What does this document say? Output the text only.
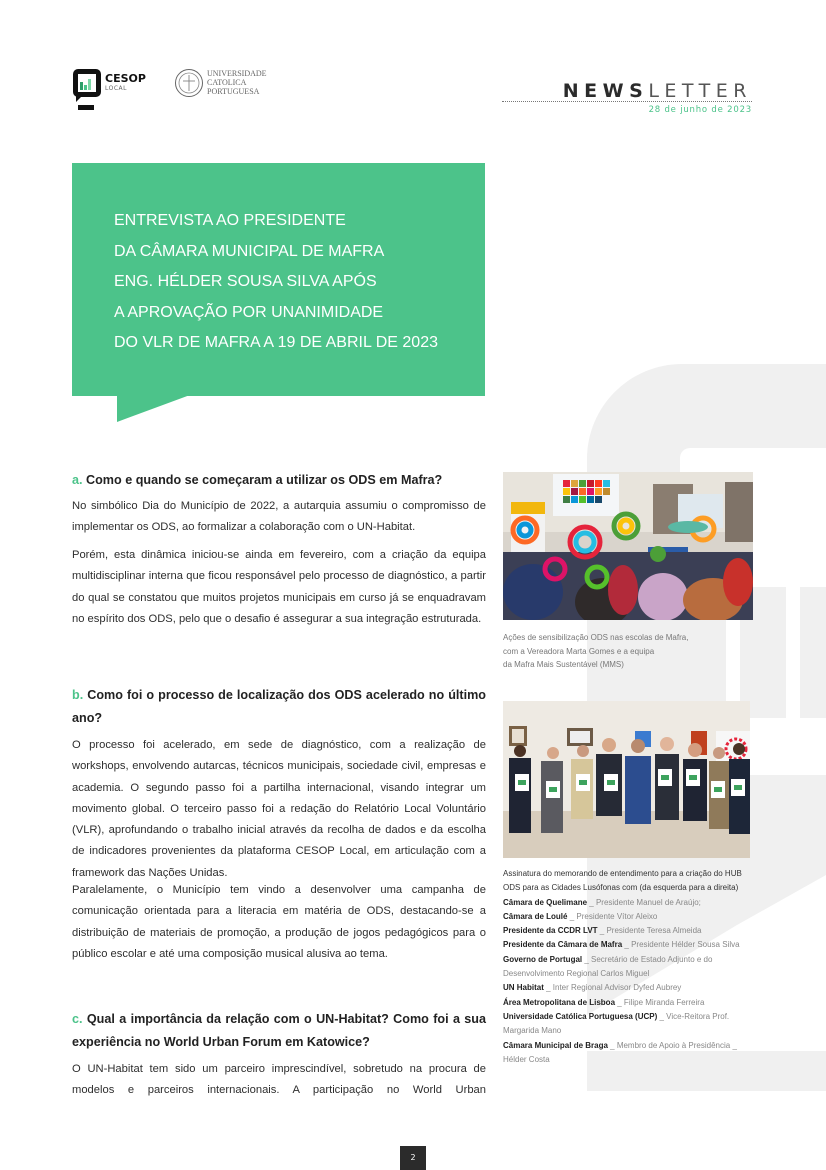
CESOP
LOCAL
UNIVERSIDADE
CATOLICA
PORTUGUESA	NEWSLETTER
28 de junho de 2023
ENTREVISTA AO PRESIDENTE
DA CÂMARA MUNICIPAL DE MAFRA
ENG. HÉLDER SOUSA SILVA APÓS
A APROVAÇÃO POR UNANIMIDADE
DO VLR DE MAFRA A 19 DE ABRIL DE 2023
a. Como e quando se começaram a utilizar os ODS em Mafra?
No simbólico Dia do Município de 2022, a autarquia assumiu o compromisso de implementar os ODS, ao formalizar a colaboração com o UN-Habitat.
Porém, esta dinâmica iniciou-se ainda em fevereiro, com a criação da equipa multidisciplinar interna que ficou responsável pelo processo de diagnóstico, a partir do qual se constatou que muitos projetos municipais em curso já se enquadravam no espírito dos ODS, pelo que o desafio é assegurar a sua integração estruturada.
b. Como foi o processo de localização dos ODS acelerado no último ano?
O processo foi acelerado, em sede de diagnóstico, com a realização de workshops, envolvendo autarcas, técnicos municipais, sociedade civil, empresas e academia. O segundo passo foi a partilha internacional, visando integrar um movimento global. O terceiro passo foi a redação do Relatório Local Voluntário (VLR), aprofundando o trabalho inicial através da recolha de dados e da escolha de indicadores provenientes da plataforma CESOP Local, em articulação com a framework das Nações Unidas.
Paralelamente, o Município tem vindo a desenvolver uma campanha de comunicação orientada para a literacia em matéria de ODS, destacando-se a distribuição de materiais de promoção, a produção de jogos pedagógicos para o público escolar e até uma composição musical alusiva ao tema.
c. Qual a importância da relação com o UN-Habitat? Como foi a sua experiência no World Urban Forum em Katowice?
O UN-Habitat tem sido um parceiro imprescindível, sobretudo na procura de modelos e parceiros internacionais. A participação no World Urban
Ações de sensibilização ODS nas escolas de Mafra,
com a Vereadora Marta Gomes e a equipa
da Mafra Mais Sustentável (MMS)
Assinatura do memorando de entendimento para a criação do HUB ODS para as Cidades Lusófonas com (da esquerda para a direita)
Câmara de Quelimane _ Presidente Manuel de Araújo;
Câmara de Loulé _ Presidente Vítor Aleixo
Presidente da CCDR LVT _ Presidente Teresa Almeida
Presidente da Câmara de Mafra _ Presidente Hélder Sousa Silva
Governo de Portugal _ Secretário de Estado Adjunto e do Desenvolvimento Regional Carlos Miguel
UN Habitat _ Inter Regional Advisor Dyfed Aubrey
Área Metropolitana de Lisboa _ Filipe Miranda Ferreira
Universidade Católica Portuguesa (UCP) _ Vice-Reitora Prof. Margarida Mano
Câmara Municipal de Braga _ Membro de Apoio à Presidência _ Hélder Costa
2
